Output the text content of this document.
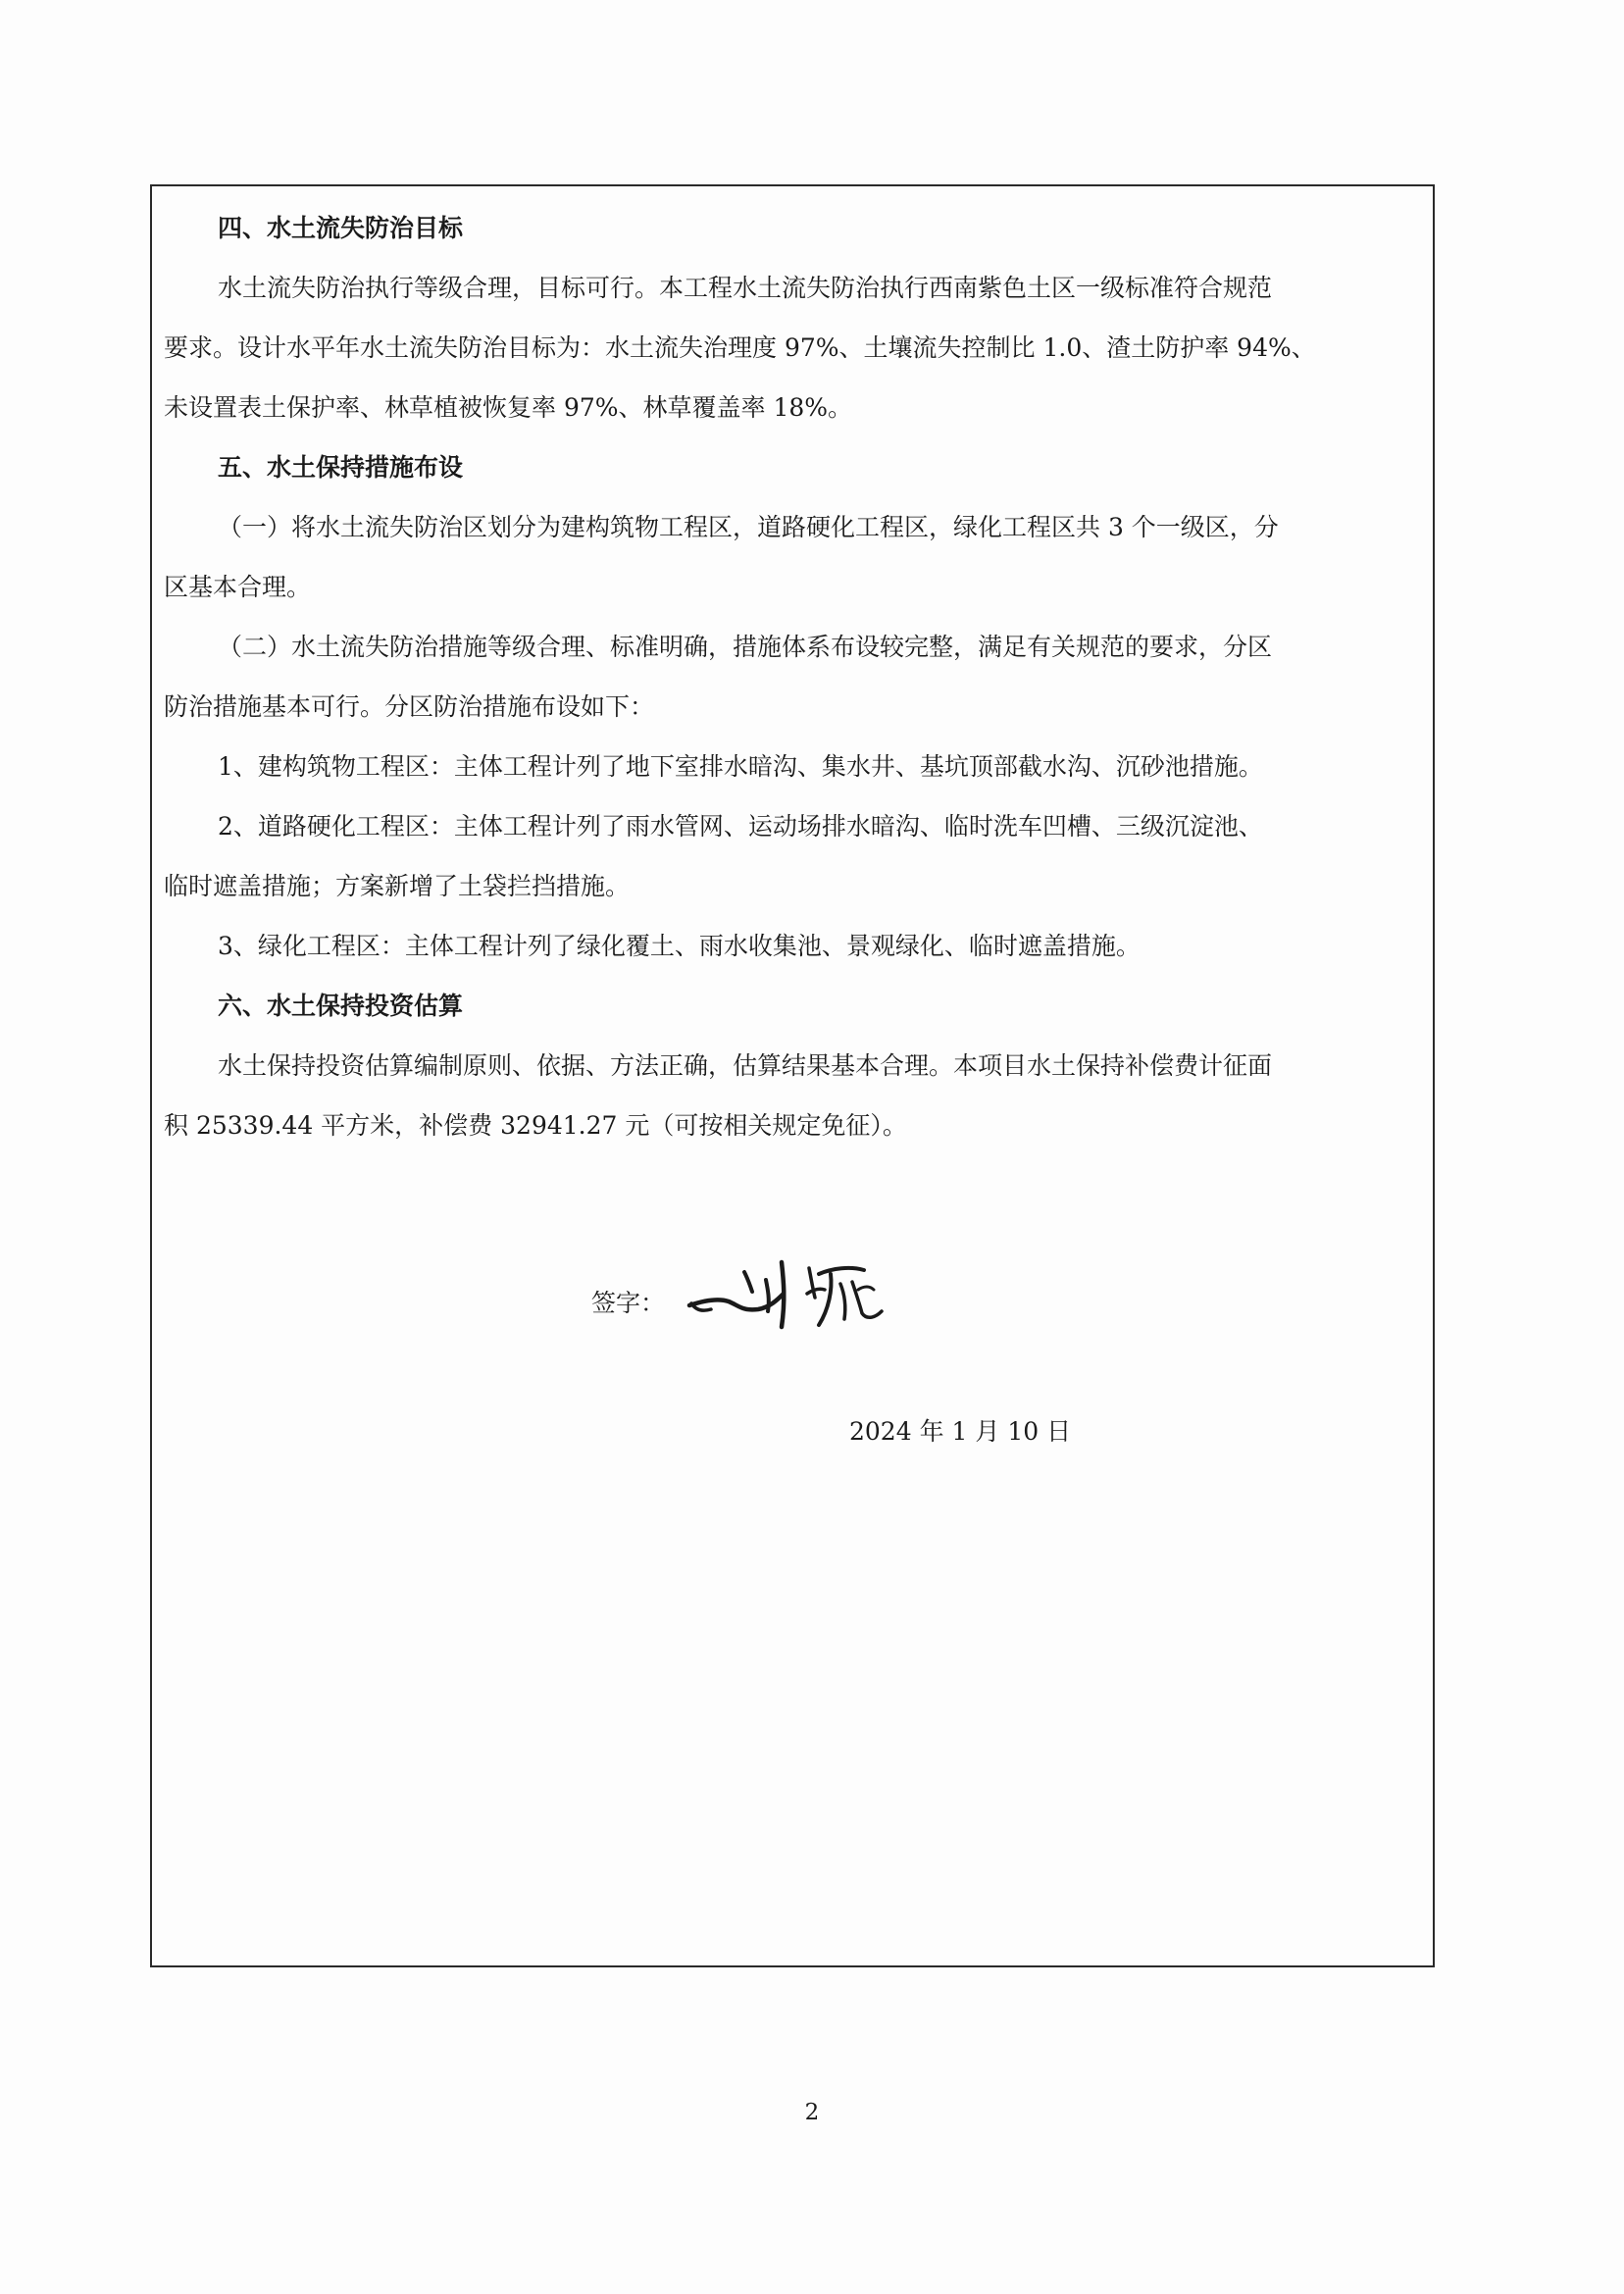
四、水土流失防治目标
水土流失防治执行等级合理，目标可行。本工程水土流失防治执行西南紫色土区一级标准符合规范
要求。设计水平年水土流失防治目标为：水土流失治理度 97%、土壤流失控制比 1.0、渣土防护率 94%、
未设置表土保护率、林草植被恢复率 97%、林草覆盖率 18%。
五、水土保持措施布设
（一）将水土流失防治区划分为建构筑物工程区，道路硬化工程区，绿化工程区共 3 个一级区，分
区基本合理。
（二）水土流失防治措施等级合理、标准明确，措施体系布设较完整，满足有关规范的要求，分区
防治措施基本可行。分区防治措施布设如下：
1、建构筑物工程区：主体工程计列了地下室排水暗沟、集水井、基坑顶部截水沟、沉砂池措施。
2、道路硬化工程区：主体工程计列了雨水管网、运动场排水暗沟、临时洗车凹槽、三级沉淀池、
临时遮盖措施；方案新增了土袋拦挡措施。
3、绿化工程区：主体工程计列了绿化覆土、雨水收集池、景观绿化、临时遮盖措施。
六、水土保持投资估算
水土保持投资估算编制原则、依据、方法正确，估算结果基本合理。本项目水土保持补偿费计征面
积 25339.44 平方米，补偿费 32941.27 元（可按相关规定免征）。
签字：
2024 年 1 月 10 日
2
